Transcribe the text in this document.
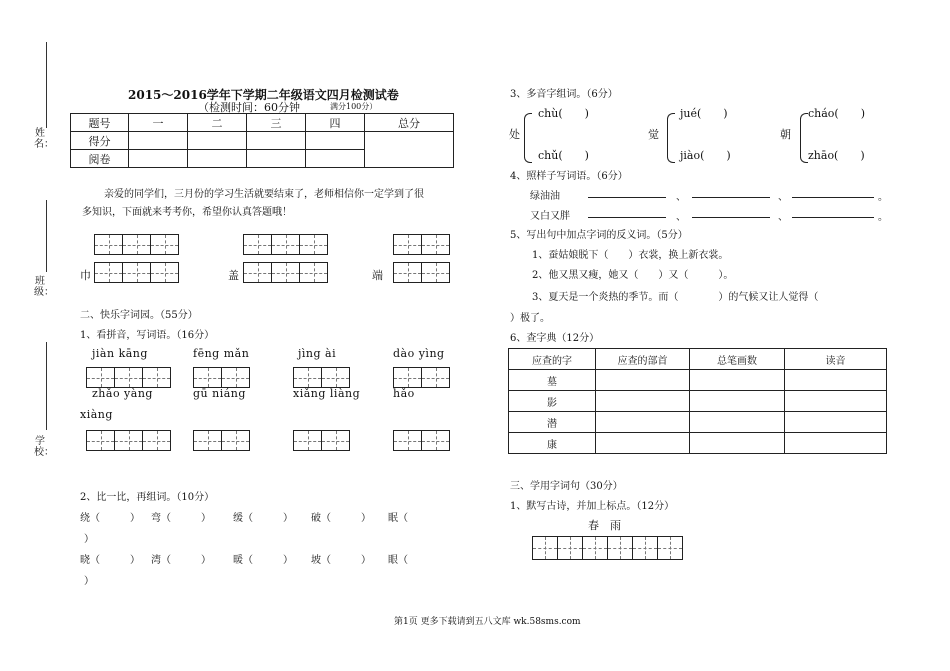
姓名：
班级：
学校：
2015～2016学年下学期二年级语文四月检测试卷
（检测时间：60分钟	满分100分）
题号	一	二	三	四	总分
得分					
阅卷					
亲爱的同学们，三月份的学习生活就要结束了，老师相信你一定学到了很
多知识，下面就来考考你，希望你认真答题哦！
巾	盖	端
二、快乐字词园。（55分）
1、看拼音，写词语。（16分）
jiàn kāng	fēng mǎn	jìng ài	dào yìng
zhǎo yàng	gū niáng	xiǎng liàng	hǎo
xiàng
2、比一比，再组词。（10分）
绕（　　　） 弯（　　　） 缓（　　　） 破（　　　） 眠（
）
晓（　　　） 湾（　　　） 暖（　　　） 坡（　　　） 眼（
）
3、多音字组词。（6分）
处
chù(　　)
chǔ(　　)
觉
jué(　　)
jiào(　　)
朝
cháo(　　)
zhāo(　　)
4、照样子写词语。（6分）
绿油油	、	、	。
又白又胖	、	、	。
5、写出句中加点字词的反义词。（5分）
1、蚕姑娘脱下（　　）衣裳，换上新衣裳。
2、他又黑又瘦，她又（　　）又（　　　）。
3、夏天是一个炎热的季节。而（　　　　）的气候又让人觉得（
）极了。
6、查字典（12分）
应查的字	应查的部首	总笔画数	读音
墓			
影			
潜			
康			
三、学用字词句（30分）
1、默写古诗，并加上标点。（12分）
春　雨
第1页 更多下载请到五八文库 wk.58sms.com
